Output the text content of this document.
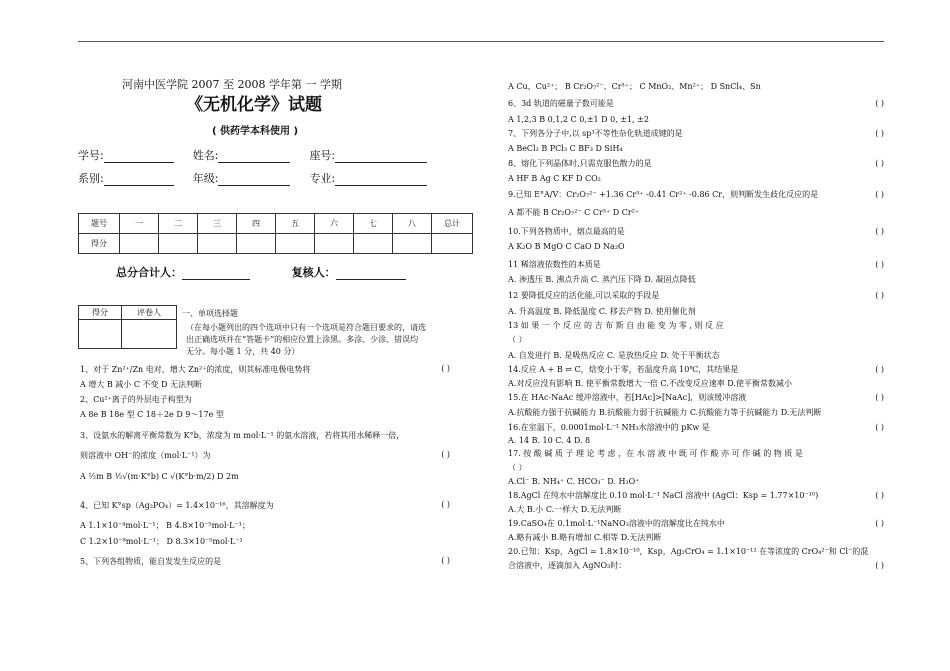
河南中医学院 2007 至 2008 学年第 一 学期
《无机化学》试题
( 供药学本科使用 )
学号:	姓名:	座号:
系别:	年级:	专业:
题号	一	二	三	四	五	六	七	八	总计
得分									
总分合计人：	复核人：
得分	评卷人
		一、单项选择题
（在每小题列出的四个选项中只有一个选项是符合题目要求的，请选
出正确选项并在“答题卡”的相应位置上涂黑。多涂、少涂、错误均
无分。每小题 1 分，共 40 分）
1、对于 Zn²⁺/Zn 电对，增大 Zn²⁺的浓度，则其标准电极电势将	( )
A 增大 B 减小 C 不变 D 无法判断
2、Cu²⁺离子的外层电子构型为
A 8e B 18e 型 C 18＋2e D 9～17e 型
3、设氨水的解离平衡常数为 K°b，浓度为 m mol·L⁻¹ 的氨水溶液，若将其用水稀释一倍，
则溶液中 OH⁻的浓度（mol·L⁻¹）为	( )
A ½m B ½√(m·K°b) C √(K°b·m/2) D 2m
4、已知 K°sp（Ag₃PO₄）= 1.4×10⁻¹⁶，其溶解度为	( )
A 1.1×10⁻⁴mol·L⁻¹； B 4.8×10⁻⁵mol·L⁻¹；
C 1.2×10⁻⁸mol·L⁻¹； D 8.3×10⁻⁵mol·L⁻¹
5、下列各组物质，能自发发生反应的是	( )
A Cu、Cu²⁺； B Cr₂O₇²⁻、Cr³⁺； C MnO₂、Mn²⁺； D SnCl₄、Sn
6、3d 轨道的磁量子数可能是	( )
A 1,2,3 B 0,1,2 C 0,±1 D 0, ±1, ±2
7、下列各分子中,以 sp³不等性杂化轨道成键的是	( )
A BeCl₂ B PCl₃ C BF₃ D SiH₄
8、熔化下列晶体时,只需克服色散力的是	( )
A HF B Ag C KF D CO₂
9.已知 E°A/V：Cr₂O₇²⁻ +1.36 Cr³⁺ -0.41 Cr²⁺ -0.86 Cr，则判断发生歧化反应的是	( )
A 都不能 B Cr₂O₇²⁻ C Cr³⁺ D Cr²⁺
10.下列各物质中，熔点最高的是	( )
A K₂O B MgO C CaO D Na₂O
11 稀溶液依数性的本质是	( )
A. 渗透压 B. 沸点升高 C. 蒸汽压下降 D. 凝固点降低
12 要降低反应的活化能,可以采取的手段是	( )
A. 升高温度 B. 降低温度 C. 移去产物 D. 使用催化剂
13 如 果 一 个 反 应 的 吉 布 斯 自 由 能 变 为 零 , 则 反 应
（ ）
A. 自发进行 B. 是吸热反应 C. 是放热反应 D. 处于平衡状态
14.反应 A + B ⇌ C，焓变小于零，若温度升高 10℃，其结果是	( )
A.对反应没有影响 B. 使平衡常数增大一倍 C.不改变反应速率 D.使平衡常数减小
15.在 HAc-NaAc 缓冲溶液中，若[HAc]>[NaAc]，则该缓冲溶液	( )
A.抗酸能力强于抗碱能力 B.抗酸能力弱于抗碱能力 C.抗酸能力等于抗碱能力 D.无法判断
16.在室温下，0.0001mol·L⁻¹ NH₃水溶液中的 pKw 是	( )
A. 14 B. 10 C. 4 D. 8
17. 按 酸 碱 质 子 理 论 考 虑 ，在 水 溶 液 中 既 可 作 酸 亦 可 作 碱 的 物 质 是
（ ）
A.Cl⁻ B. NH₄⁺ C. HCO₃⁻ D. H₃O⁺
18.AgCl 在纯水中溶解度比 0.10 mol·L⁻¹ NaCl 溶液中 (AgCl：Ksp = 1.77×10⁻¹⁰)	( )
A.大 B.小 C.一样大 D.无法判断
19.CaSO₄在 0.1mol·L⁻¹NaNO₃溶液中的溶解度比在纯水中	( )
A.略有减小 B.略有增加 C.相等 D.无法判断
20.已知：Ksp，AgCl = 1.8×10⁻¹⁰，Ksp，Ag₂CrO₄ = 1.1×10⁻¹² 在等浓度的 CrO₄²⁻和 Cl⁻的混
合溶液中，逐滴加入 AgNO₃时：	( )
